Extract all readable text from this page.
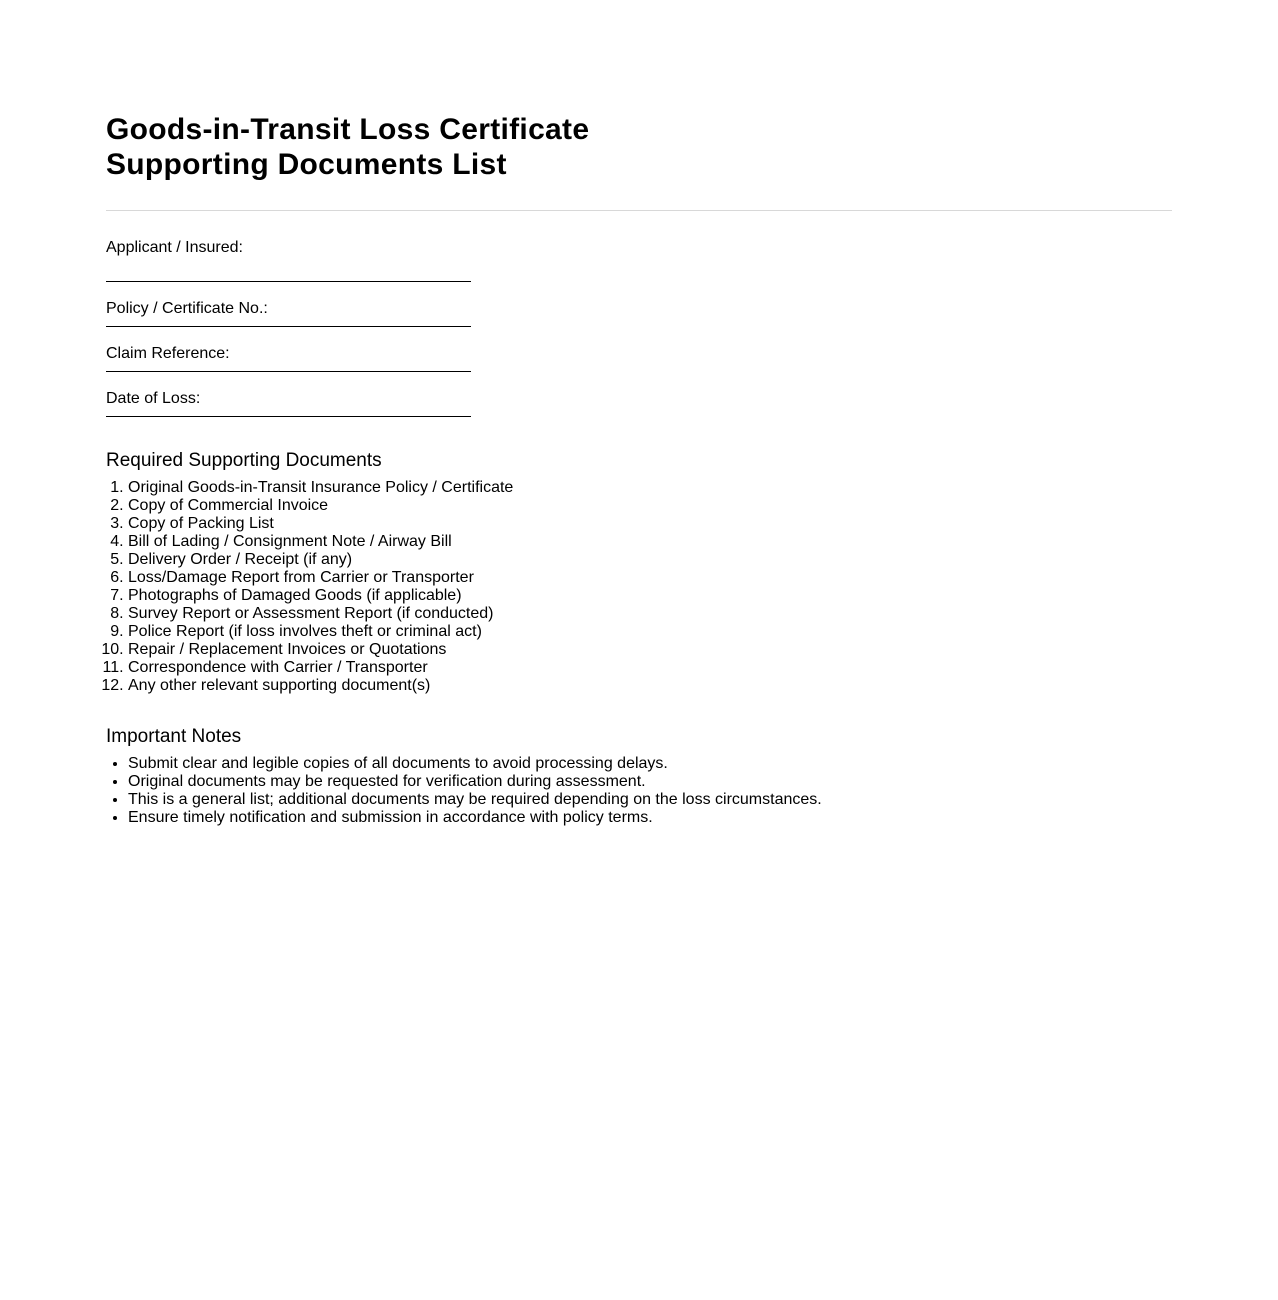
Goods-in-Transit Loss Certificate
Supporting Documents List
Applicant / Insured:
Policy / Certificate No.:
Claim Reference:
Date of Loss:
Required Supporting Documents
1. Original Goods-in-Transit Insurance Policy / Certificate
2. Copy of Commercial Invoice
3. Copy of Packing List
4. Bill of Lading / Consignment Note / Airway Bill
5. Delivery Order / Receipt (if any)
6. Loss/Damage Report from Carrier or Transporter
7. Photographs of Damaged Goods (if applicable)
8. Survey Report or Assessment Report (if conducted)
9. Police Report (if loss involves theft or criminal act)
10. Repair / Replacement Invoices or Quotations
11. Correspondence with Carrier / Transporter
12. Any other relevant supporting document(s)
Important Notes
• Submit clear and legible copies of all documents to avoid processing delays.
• Original documents may be requested for verification during assessment.
• This is a general list; additional documents may be required depending on the loss circumstances.
• Ensure timely notification and submission in accordance with policy terms.
